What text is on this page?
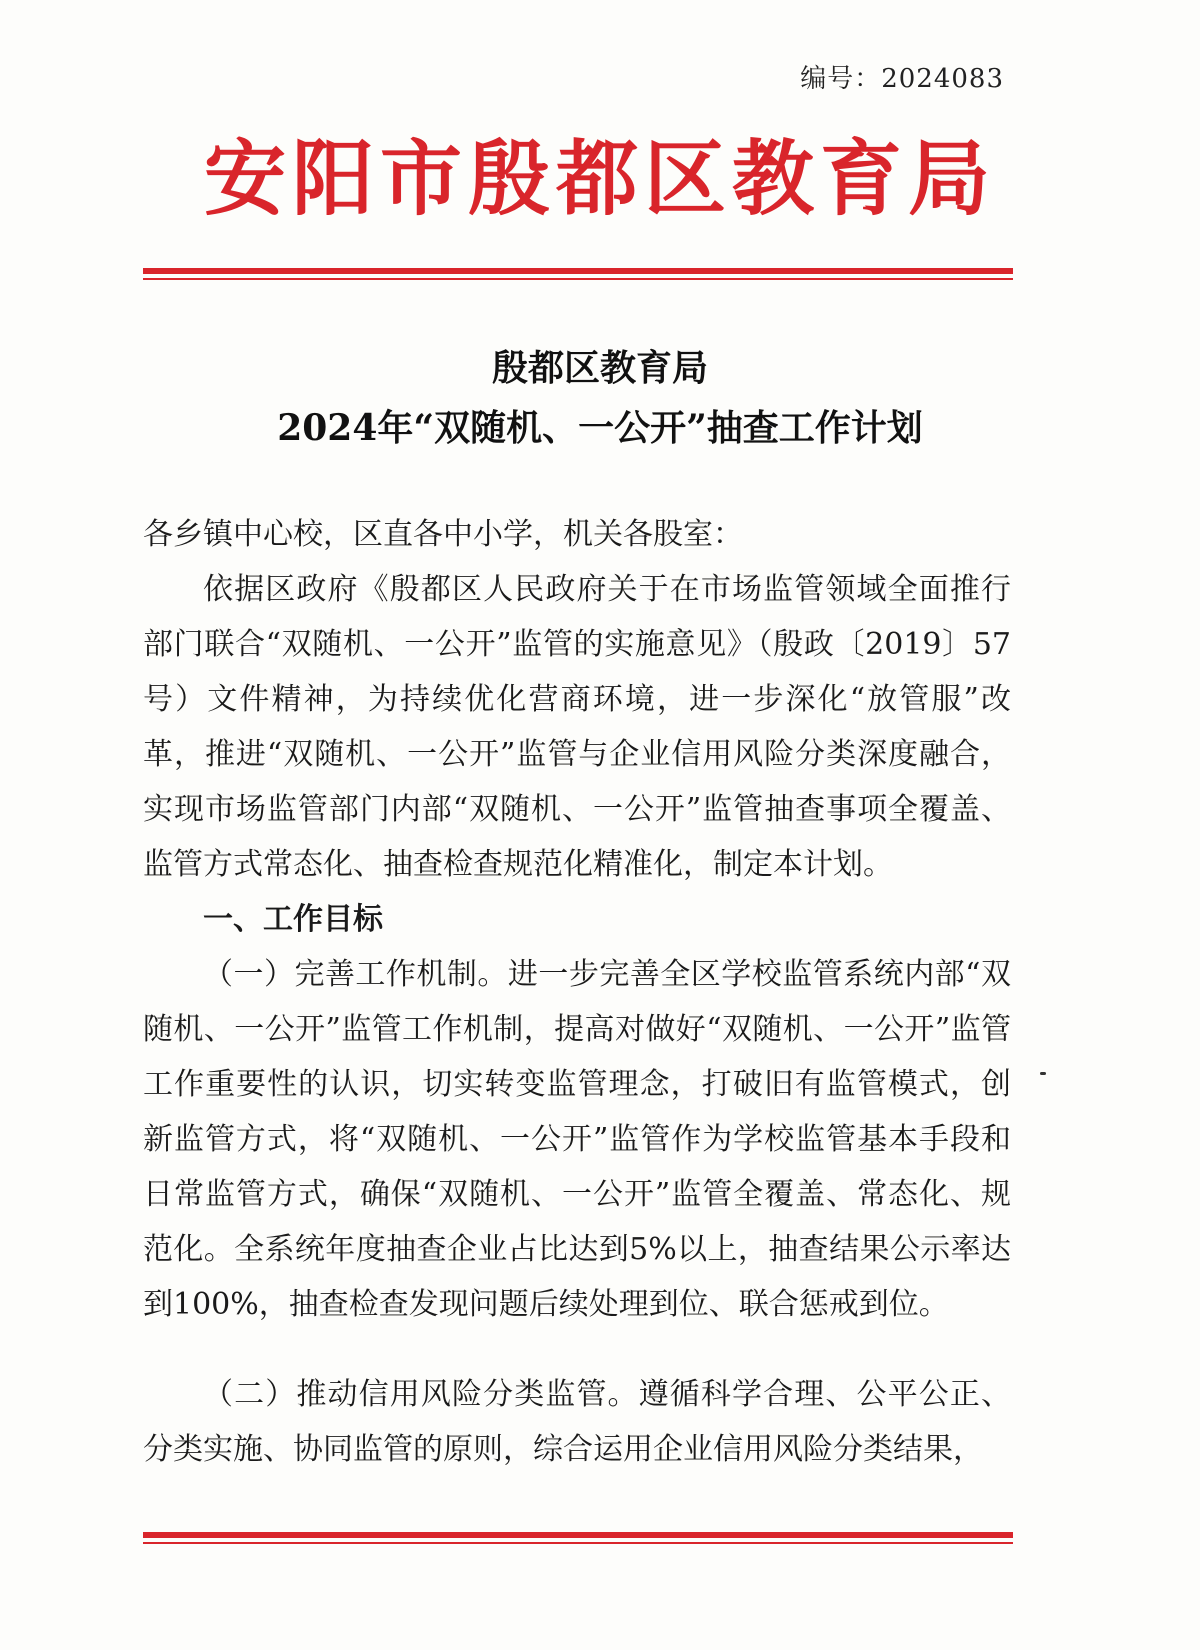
编号：2024083
安阳市殷都区教育局
殷都区教育局
2024年“双随机、一公开”抽查工作计划
各乡镇中心校，区直各中小学，机关各股室：
依据区政府《殷都区人民政府关于在市场监管领域全面推行部门联合“双随机、一公开”监管的实施意见》（殷政〔2019〕57号）文件精神，为持续优化营商环境，进一步深化“放管服”改革，推进“双随机、一公开”监管与企业信用风险分类深度融合，实现市场监管部门内部“双随机、一公开”监管抽查事项全覆盖、监管方式常态化、抽查检查规范化精准化，制定本计划。
一、工作目标
（一）完善工作机制。进一步完善全区学校监管系统内部“双随机、一公开”监管工作机制，提高对做好“双随机、一公开”监管工作重要性的认识，切实转变监管理念，打破旧有监管模式，创新监管方式，将“双随机、一公开”监管作为学校监管基本手段和日常监管方式，确保“双随机、一公开”监管全覆盖、常态化、规范化。全系统年度抽查企业占比达到5%以上，抽查结果公示率达到100%，抽查检查发现问题后续处理到位、联合惩戒到位。
（二）推动信用风险分类监管。遵循科学合理、公平公正、分类实施、协同监管的原则，综合运用企业信用风险分类结果，
